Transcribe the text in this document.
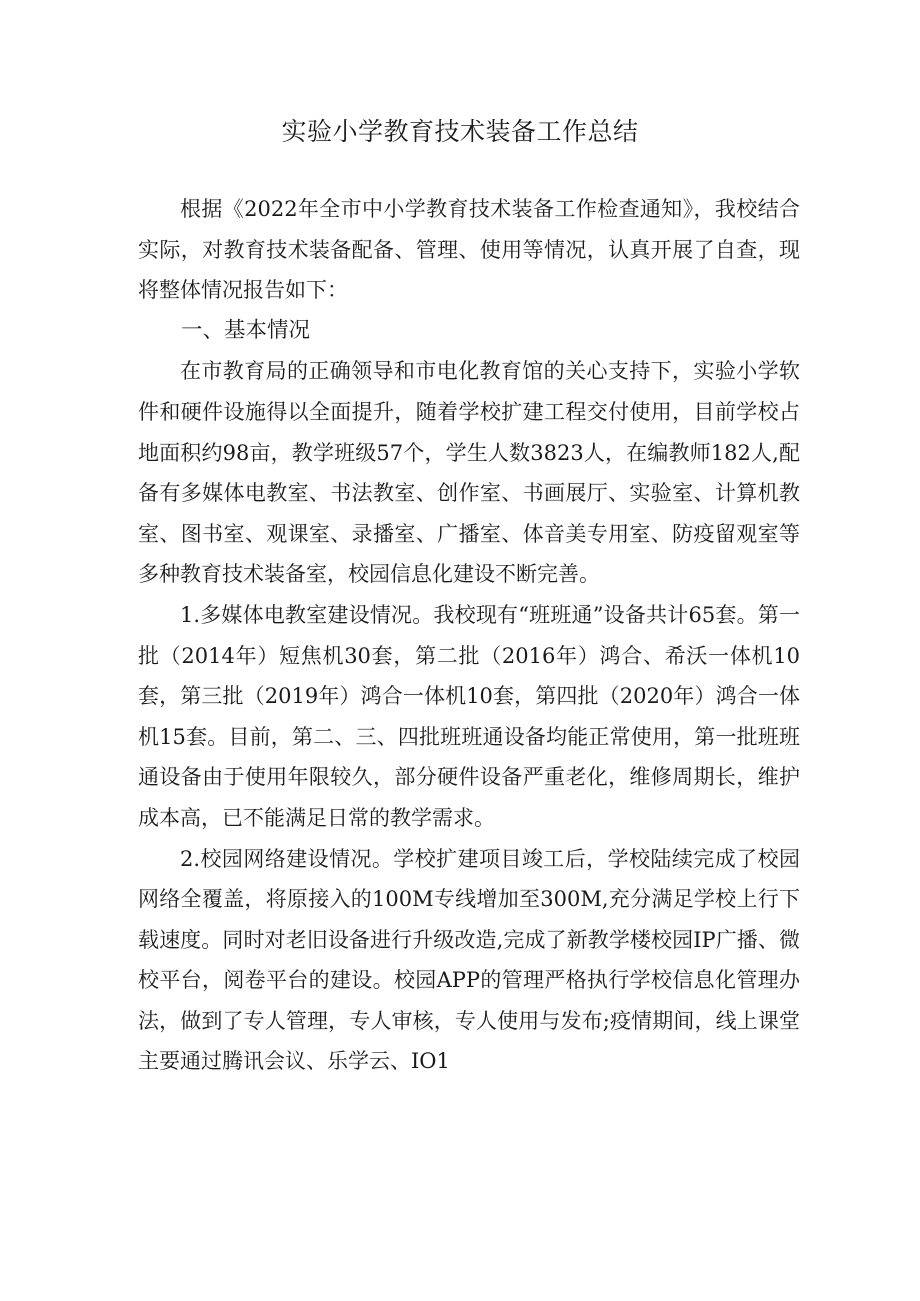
实验小学教育技术装备工作总结

根据《2022年全市中小学教育技术装备工作检查通知》，我校结合实际，对教育技术装备配备、管理、使用等情况，认真开展了自查，现将整体情况报告如下：

一、基本情况

在市教育局的正确领导和市电化教育馆的关心支持下，实验小学软件和硬件设施得以全面提升，随着学校扩建工程交付使用，目前学校占地面积约98亩，教学班级57个，学生人数3823人，在编教师182人,配备有多媒体电教室、书法教室、创作室、书画展厅、实验室、计算机教室、图书室、观课室、录播室、广播室、体音美专用室、防疫留观室等多种教育技术装备室，校园信息化建设不断完善。

1.多媒体电教室建设情况。我校现有“班班通”设备共计65套。第一批（2014年）短焦机30套，第二批（2016年）鸿合、希沃一体机10套，第三批（2019年）鸿合一体机10套，第四批（2020年）鸿合一体机15套。目前，第二、三、四批班班通设备均能正常使用，第一批班班通设备由于使用年限较久，部分硬件设备严重老化，维修周期长，维护成本高，已不能满足日常的教学需求。

2.校园网络建设情况。学校扩建项目竣工后，学校陆续完成了校园网络全覆盖，将原接入的100M专线增加至300M,充分满足学校上行下载速度。同时对老旧设备进行升级改造,完成了新教学楼校园IP广播、微校平台，阅卷平台的建设。校园APP的管理严格执行学校信息化管理办法，做到了专人管理，专人审核，专人使用与发布;疫情期间，线上课堂主要通过腾讯会议、乐学云、IO1
